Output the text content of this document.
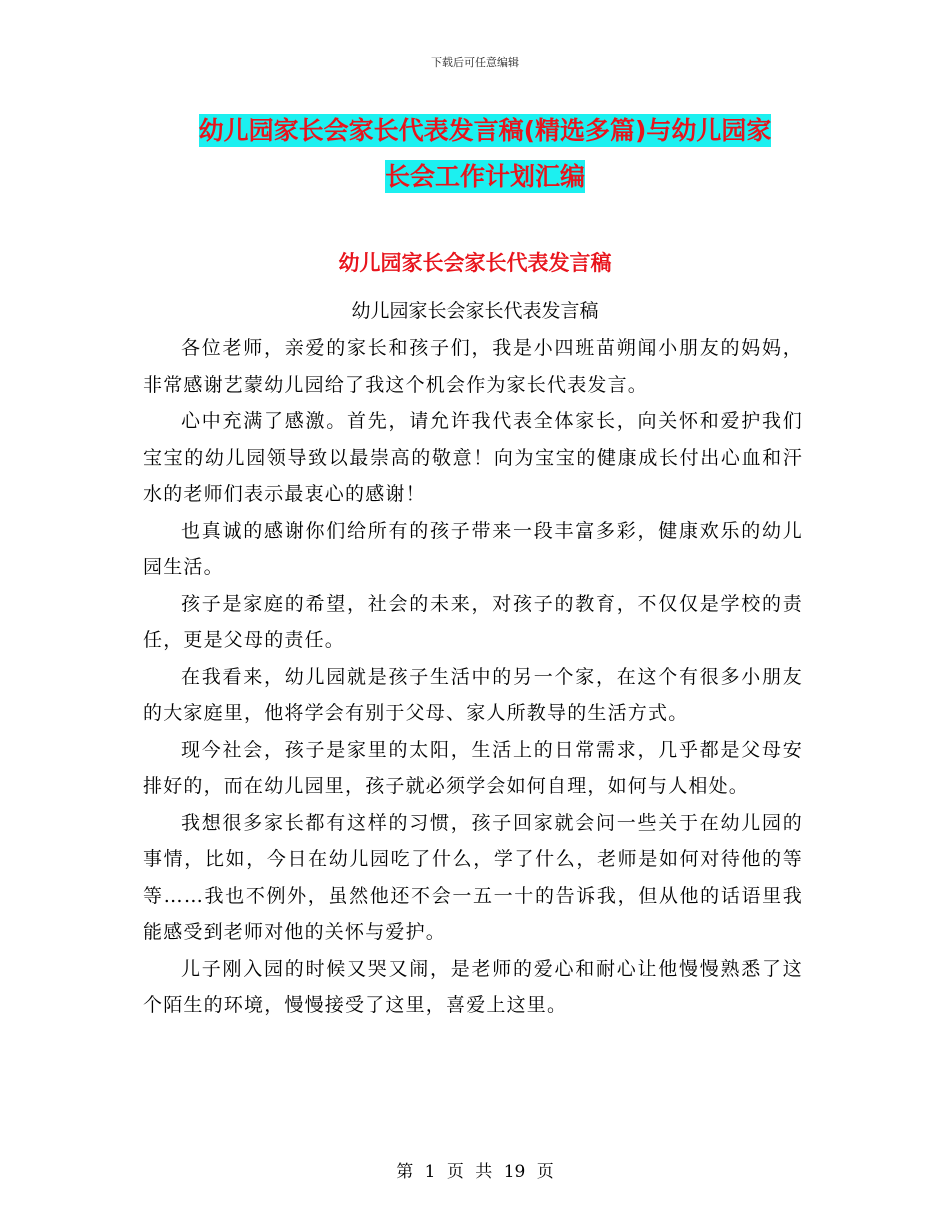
下载后可任意编辑
幼儿园家长会家长代表发言稿(精选多篇)与幼儿园家
长会工作计划汇编
幼儿园家长会家长代表发言稿
幼儿园家长会家长代表发言稿

各位老师，亲爱的家长和孩子们，我是小四班苗朔闻小朋友的妈妈，非常感谢艺蒙幼儿园给了我这个机会作为家长代表发言。

心中充满了感激。首先，请允许我代表全体家长，向关怀和爱护我们宝宝的幼儿园领导致以最崇高的敬意！向为宝宝的健康成长付出心血和汗水的老师们表示最衷心的感谢！

也真诚的感谢你们给所有的孩子带来一段丰富多彩，健康欢乐的幼儿园生活。

孩子是家庭的希望，社会的未来，对孩子的教育，不仅仅是学校的责任，更是父母的责任。

在我看来，幼儿园就是孩子生活中的另一个家，在这个有很多小朋友的大家庭里，他将学会有别于父母、家人所教导的生活方式。

现今社会，孩子是家里的太阳，生活上的日常需求，几乎都是父母安排好的，而在幼儿园里，孩子就必须学会如何自理，如何与人相处。

我想很多家长都有这样的习惯，孩子回家就会问一些关于在幼儿园的事情，比如，今日在幼儿园吃了什么，学了什么，老师是如何对待他的等等……我也不例外，虽然他还不会一五一十的告诉我，但从他的话语里我能感受到老师对他的关怀与爱护。

儿子刚入园的时候又哭又闹，是老师的爱心和耐心让他慢慢熟悉了这个陌生的环境，慢慢接受了这里，喜爱上这里。

第 1 页 共 19 页
